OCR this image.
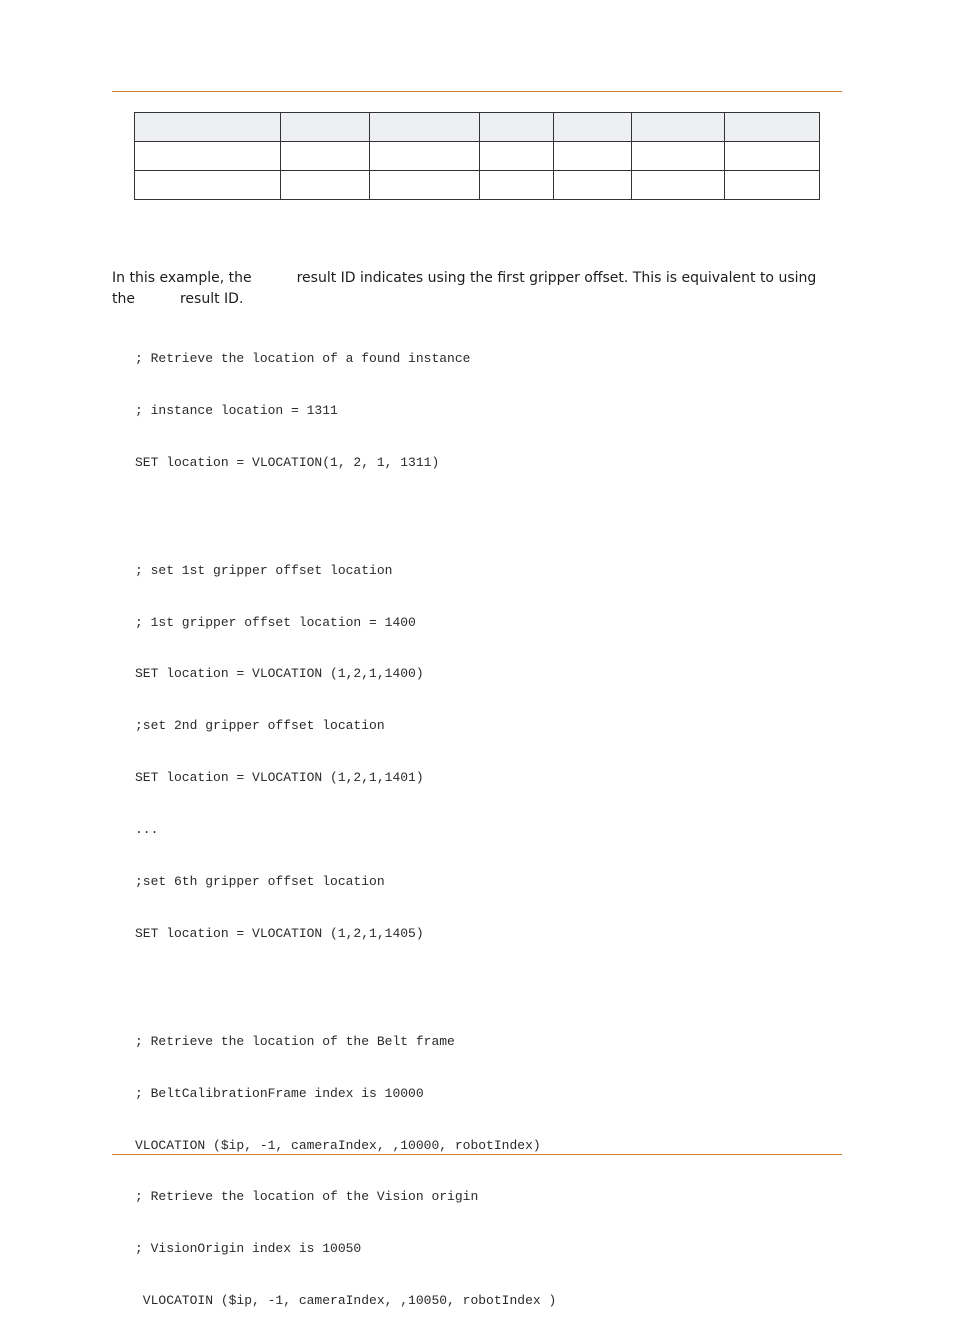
In this example, the	result ID indicates using the first gripper offset. This is equivalent to using
the	result ID.

; Retrieve the location of a found instance

; instance location = 1311

SET location = VLOCATION(1, 2, 1, 1311)

; set 1st gripper offset location

; 1st gripper offset location = 1400

SET location = VLOCATION (1,2,1,1400)

;set 2nd gripper offset location

SET location = VLOCATION (1,2,1,1401)

...

;set 6th gripper offset location

SET location = VLOCATION (1,2,1,1405)

; Retrieve the location of the Belt frame

; BeltCalibrationFrame index is 10000

VLOCATION ($ip, -1, cameraIndex, ,10000, robotIndex)

; Retrieve the location of the Vision origin

; VisionOrigin index is 10050

VLOCATOIN ($ip, -1, cameraIndex, ,10050, robotIndex )
